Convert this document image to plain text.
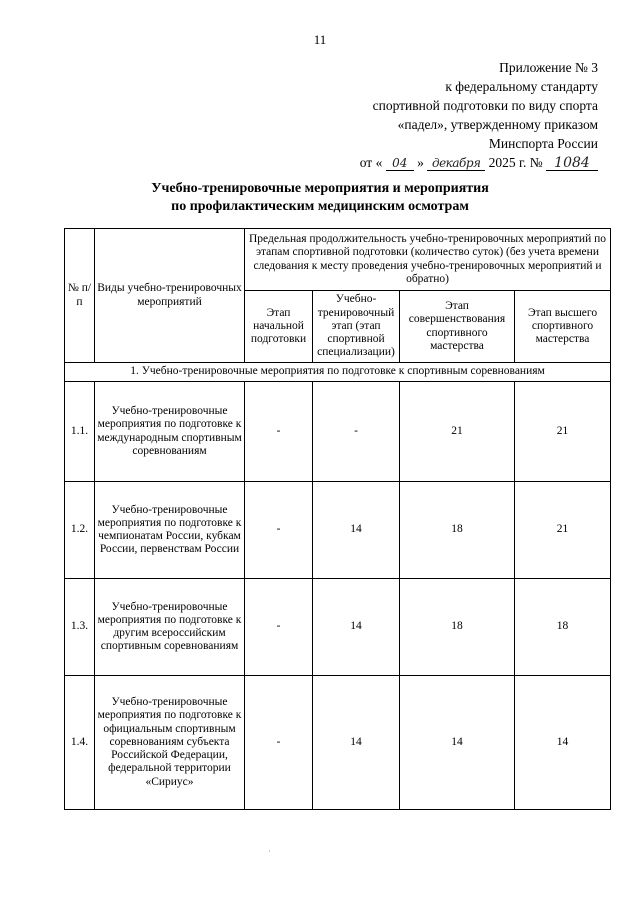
11
Приложение № 3
к федеральному стандарту
спортивной подготовки по виду спорта
«падел», утвержденному приказом
Минспорта России
от « 04 » декабря 2025 г. № 1084
Учебно-тренировочные мероприятия и мероприятия
по профилактическим медицинским осмотрам
№ п/п	Виды учебно-тренировочных мероприятий	Предельная продолжительность учебно-тренировочных мероприятий по этапам спортивной подготовки (количество суток) (без учета времени следования к месту проведения учебно-тренировочных мероприятий и обратно)			
		Этап начальной подготовки	Учебно-тренировочный этап (этап спортивной специализации)	Этап совершенствования спортивного мастерства	Этап высшего спортивного мастерства
1. Учебно-тренировочные мероприятия по подготовке к спортивным соревнованиям					
1.1.	Учебно-тренировочные мероприятия по подготовке к международным спортивным соревнованиям	-	-	21	21
1.2.	Учебно-тренировочные мероприятия по подготовке к чемпионатам России, кубкам России, первенствам России	-	14	18	21
1.3.	Учебно-тренировочные мероприятия по подготовке к другим всероссийским спортивным соревнованиям	-	14	18	18
1.4.	Учебно-тренировочные мероприятия по подготовке к официальным спортивным соревнованиям субъекта Российской Федерации, федеральной территории «Сириус»	-	14	14	14
·
